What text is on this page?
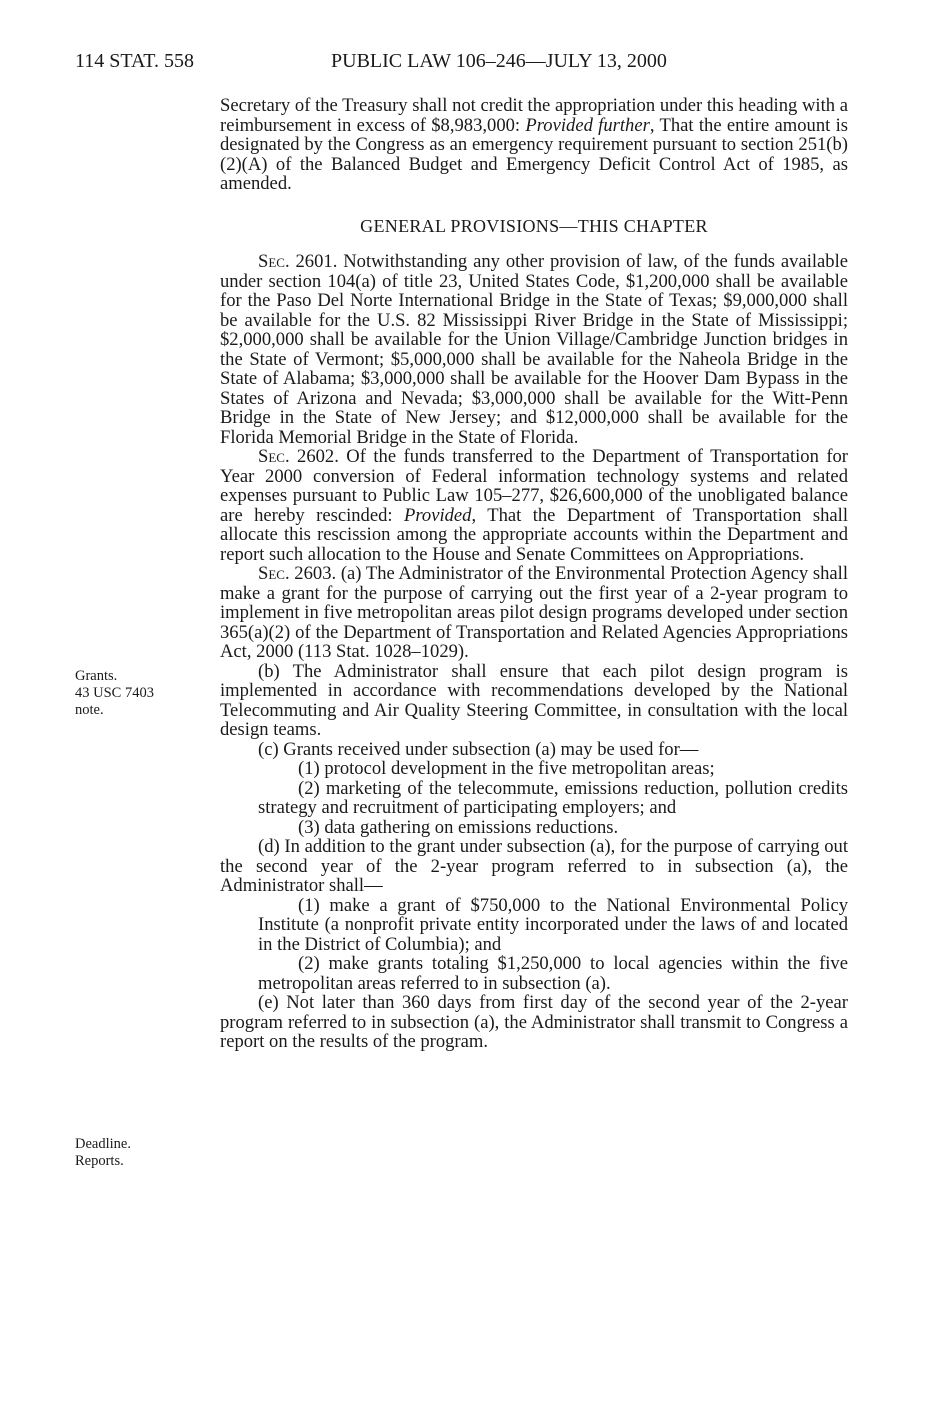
114 STAT. 558	PUBLIC LAW 106–246—JULY 13, 2000
Grants.
43 USC 7403
note.
Deadline.
Reports.

Secretary of the Treasury shall not credit the appropriation under this heading with a reimbursement in excess of $8,983,000: Provided further, That the entire amount is designated by the Congress as an emergency requirement pursuant to section 251(b)(2)(A) of the Balanced Budget and Emergency Deficit Control Act of 1985, as amended.

GENERAL PROVISIONS—THIS CHAPTER

Sec. 2601. Notwithstanding any other provision of law, of the funds available under section 104(a) of title 23, United States Code, $1,200,000 shall be available for the Paso Del Norte International Bridge in the State of Texas; $9,000,000 shall be available for the U.S. 82 Mississippi River Bridge in the State of Mississippi; $2,000,000 shall be available for the Union Village/Cambridge Junction bridges in the State of Vermont; $5,000,000 shall be available for the Naheola Bridge in the State of Alabama; $3,000,000 shall be available for the Hoover Dam Bypass in the States of Arizona and Nevada; $3,000,000 shall be available for the Witt-Penn Bridge in the State of New Jersey; and $12,000,000 shall be available for the Florida Memorial Bridge in the State of Florida.

Sec. 2602. Of the funds transferred to the Department of Transportation for Year 2000 conversion of Federal information technology systems and related expenses pursuant to Public Law 105–277, $26,600,000 of the unobligated balance are hereby rescinded: Provided, That the Department of Transportation shall allocate this rescission among the appropriate accounts within the Department and report such allocation to the House and Senate Committees on Appropriations.

Sec. 2603. (a) The Administrator of the Environmental Protection Agency shall make a grant for the purpose of carrying out the first year of a 2-year program to implement in five metropolitan areas pilot design programs developed under section 365(a)(2) of the Department of Transportation and Related Agencies Appropriations Act, 2000 (113 Stat. 1028–1029).

(b) The Administrator shall ensure that each pilot design program is implemented in accordance with recommendations developed by the National Telecommuting and Air Quality Steering Committee, in consultation with the local design teams.

(c) Grants received under subsection (a) may be used for—

(1) protocol development in the five metropolitan areas;

(2) marketing of the telecommute, emissions reduction, pollution credits strategy and recruitment of participating employers; and

(3) data gathering on emissions reductions.

(d) In addition to the grant under subsection (a), for the purpose of carrying out the second year of the 2-year program referred to in subsection (a), the Administrator shall—

(1) make a grant of $750,000 to the National Environmental Policy Institute (a nonprofit private entity incorporated under the laws of and located in the District of Columbia); and

(2) make grants totaling $1,250,000 to local agencies within the five metropolitan areas referred to in subsection (a).

(e) Not later than 360 days from first day of the second year of the 2-year program referred to in subsection (a), the Administrator shall transmit to Congress a report on the results of the program.
